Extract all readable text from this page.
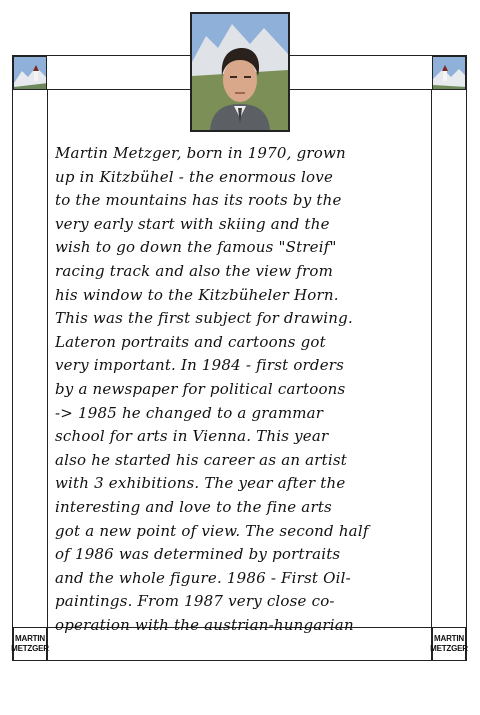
Martin Metzger, born in 1970, grown
up in Kitzbühel - the enormous love
to the mountains has its roots by the
very early start with skiing and the
wish to go down the famous "Streif"
racing track and also the view from
his window to the Kitzbüheler Horn.
This was the first subject for drawing.
Lateron portraits and cartoons got
very important. In 1984 - first orders
by a newspaper for political cartoons
-> 1985 he changed to a grammar
school for arts in Vienna. This year
also he started his career as an artist
with 3 exhibitions. The year after the
interesting and love to the fine arts
got a new point of view. The second half
of 1986 was determined by portraits
and the whole figure. 1986 - First Oil-
paintings. From 1987 very close co-
operation with the austrian-hungarian

MARTIN
METZGER
MARTIN
METZGER
